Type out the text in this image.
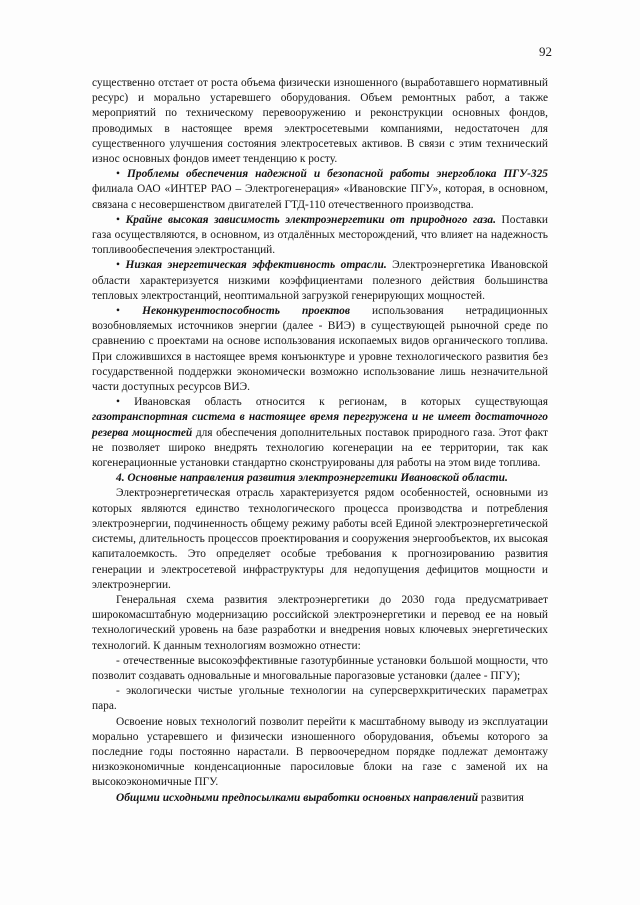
92

существенно отстает от роста объема физически изношенного (выработавшего нормативный ресурс) и морально устаревшего оборудования. Объем ремонтных работ, а также мероприятий по техническому перевооружению и реконструкции основных фондов, проводимых в настоящее время электросетевыми компаниями, недостаточен для существенного улучшения состояния электросетевых активов. В связи с этим технический износ основных фондов имеет тенденцию к росту.

• Проблемы обеспечения надежной и безопасной работы энергоблока ПГУ-325 филиала ОАО «ИНТЕР РАО – Электрогенерация» «Ивановские ПГУ», которая, в основном, связана с несовершенством двигателей ГТД-110 отечественного производства.

• Крайне высокая зависимость электроэнергетики от природного газа. Поставки газа осуществляются, в основном, из отдалённых месторождений, что влияет на надежность топливообеспечения электростанций.

• Низкая энергетическая эффективность отрасли. Электроэнергетика Ивановской области характеризуется низкими коэффициентами полезного действия большинства тепловых электростанций, неоптимальной загрузкой генерирующих мощностей.

• Неконкурентоспособность проектов использования нетрадиционных возобновляемых источников энергии (далее - ВИЭ) в существующей рыночной среде по сравнению с проектами на основе использования ископаемых видов органического топлива. При сложившихся в настоящее время конъюнктуре и уровне технологического развития без государственной поддержки экономически возможно использование лишь незначительной части доступных ресурсов ВИЭ.

• Ивановская область относится к регионам, в которых существующая газотранспортная система в настоящее время перегружена и не имеет достаточного резерва мощностей для обеспечения дополнительных поставок природного газа. Этот факт не позволяет широко внедрять технологию когенерации на ее территории, так как когенерационные установки стандартно сконструированы для работы на этом виде топлива.

4. Основные направления развития электроэнергетики Ивановской области.

Электроэнергетическая отрасль характеризуется рядом особенностей, основными из которых являются единство технологического процесса производства и потребления электроэнергии, подчиненность общему режиму работы всей Единой электроэнергетической системы, длительность процессов проектирования и сооружения энергообъектов, их высокая капиталоемкость. Это определяет особые требования к прогнозированию развития генерации и электросетевой инфраструктуры для недопущения дефицитов мощности и электроэнергии.

Генеральная схема развития электроэнергетики до 2030 года предусматривает широкомасштабную модернизацию российской электроэнергетики и перевод ее на новый технологический уровень на базе разработки и внедрения новых ключевых энергетических технологий. К данным технологиям возможно отнести:

- отечественные высокоэффективные газотурбинные установки большой мощности, что позволит создавать одновальные и многовальные парогазовые установки (далее - ПГУ);

- экологически чистые угольные технологии на суперсверхкритических параметрах пара.

Освоение новых технологий позволит перейти к масштабному выводу из эксплуатации морально устаревшего и физически изношенного оборудования, объемы которого за последние годы постоянно нарастали. В первоочередном порядке подлежат демонтажу низкоэкономичные конденсационные паросиловые блоки на газе с заменой их на высокоэкономичные ПГУ.

Общими исходными предпосылками выработки основных направлений развития
